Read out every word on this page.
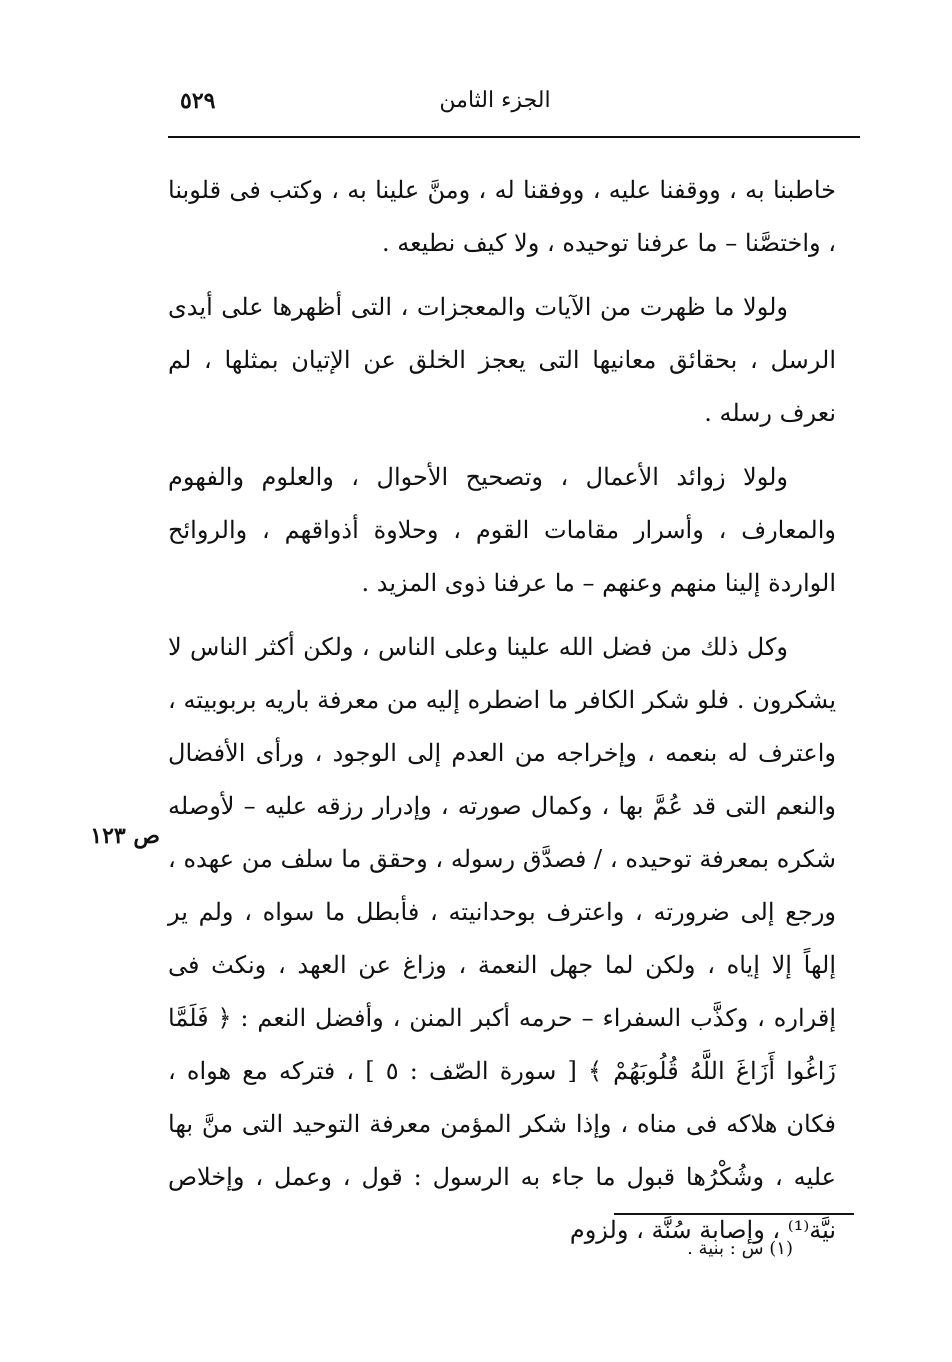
الجزء الثامن
٥٢٩

خاطبنا به ، ووقفنا عليه ، ووفقنا له ، ومنَّ علينا به ، وكتب فى قلوبنا ، واختصَّنا – ما عرفنا توحيده ، ولا كيف نطيعه .

ولولا ما ظهرت من الآيات والمعجزات ، التى أظهرها على أيدى الرسل ، بحقائق معانيها التى يعجز الخلق عن الإتيان بمثلها ، لم نعرف رسله .

ولولا زوائد الأعمال ، وتصحيح الأحوال ، والعلوم والفهوم والمعارف ، وأسرار مقامات القوم ، وحلاوة أذواقهم ، والروائح الواردة إلينا منهم وعنهم – ما عرفنا ذوى المزيد .

وكل ذلك من فضل الله علينا وعلى الناس ، ولكن أكثر الناس لا يشكرون . فلو شكر الكافر ما اضطره إليه من معرفة باريه بربوبيته ، واعترف له بنعمه ، وإخراجه من العدم إلى الوجود ، ورأى الأفضال والنعم التى قد عُمَّ بها ، وكمال صورته ، وإدرار رزقه عليه – لأوصله شكره بمعرفة توحيده ، / فصدَّق رسوله ، وحقق ما سلف من عهده ، ورجع إلى ضرورته ، واعترف بوحدانيته ، فأبطل ما سواه ، ولم ير إلهاً إلا إياه ، ولكن لما جهل النعمة ، وزاغ عن العهد ، ونكث فى إقراره ، وكذَّب السفراء – حرمه أكبر المنن ، وأفضل النعم : ﴿ فَلَمَّا زَاغُوا أَزَاغَ اللَّهُ قُلُوبَهُمْ ﴾ [ سورة الصّف : ٥ ] ، فتركه مع هواه ، فكان هلاكه فى مناه ، وإذا شكر المؤمن معرفة التوحيد التى منَّ بها عليه ، وشُكْرُها قبول ما جاء به الرسول : قول ، وعمل ، وإخلاص نيَّة⁽¹⁾ ، وإصابة سُنَّة ، ولزوم

ص ١٢٣
(١) س : بنية .
